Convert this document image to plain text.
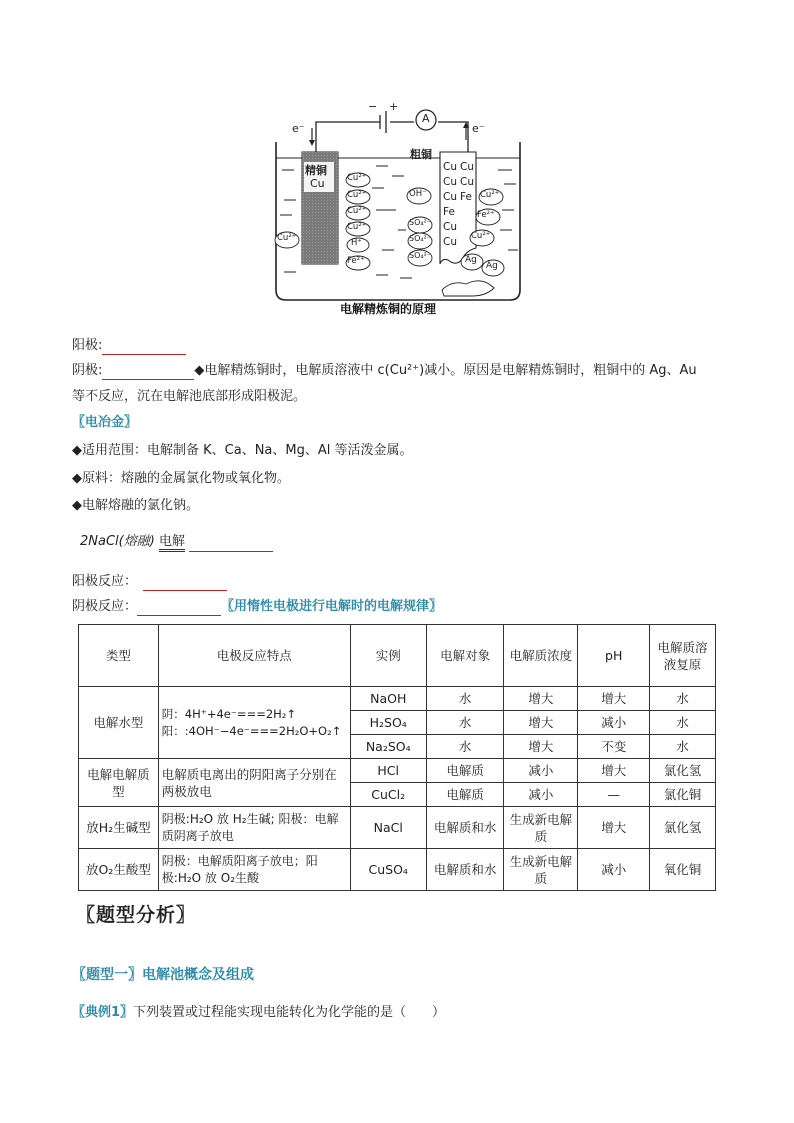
− +
A
e⁻	e⁻
粗铜
精铜
Cu
Cu
Cu
Cu
Fe
Cu
Cu
Cu
Cu
Fe
Cu²⁺
Cu²⁺
Cu²⁺
Cu²⁺
H⁺
Fe²⁺
OH⁻
SO₄²⁻
SO₄²⁻
SO₄²⁻
Cu²⁺
Cu²⁺
Fe²⁺
Cu²⁺
Ag
Ag
电解精炼铜的原理
阳极:
阴极:	◆电解精炼铜时，电解质溶液中 c(Cu²⁺)减小。原因是电解精炼铜时，粗铜中的 Ag、Au
等不反应，沉在电解池底部形成阳极泥。
〖电冶金〗
◆适用范围：电解制备 K、Ca、Na、Mg、Al 等活泼金属。
◆原料：熔融的金属氯化物或氧化物。
◆电解熔融的氯化钠。
2NaCl(熔融) 电解
阳极反应：
阴极反应：	〖用惰性电极进行电解时的电解规律〗
类型	电极反应特点	实例	电解对象	电解质浓度	pH	电解质溶液复原
电解水型	阴：4H⁺+4e⁻===2H₂↑
阳：:4OH⁻−4e⁻===2H₂O+O₂↑	NaOH	水	增大	增大	水
		H₂SO₄	水	增大	减小	水
		Na₂SO₄	水	增大	不变	水
电解电解质型	电解质电离出的阴阳离子分别在两极放电	HCl	电解质	减小	增大	氯化氢
		CuCl₂	电解质	减小	—	氯化铜
放H₂生碱型	阴极:H₂O 放 H₂生碱; 阳极：电解质阴离子放电	NaCl	电解质和水	生成新电解质	增大	氯化氢
放O₂生酸型	阴极：电解质阳离子放电；阳极:H₂O 放 O₂生酸	CuSO₄	电解质和水	生成新电解质	减小	氧化铜
〖题型分析〗
〖题型一〗电解池概念及组成
〖典例1〗下列装置或过程能实现电能转化为化学能的是（　　）
